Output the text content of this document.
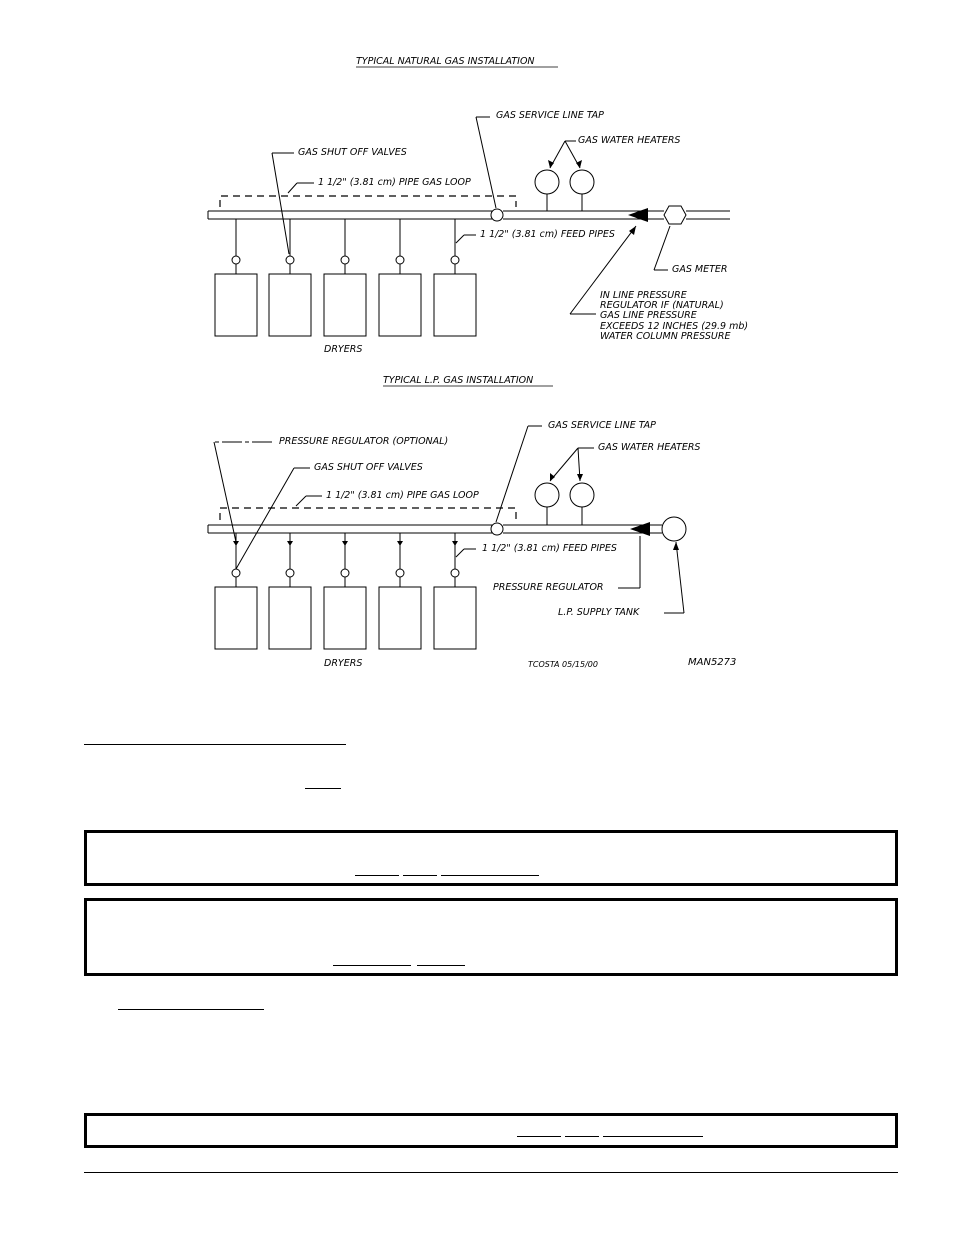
TYPICAL NATURAL GAS INSTALLATION
GAS SERVICE LINE TAP
GAS WATER HEATERS
GAS SHUT OFF VALVES
1 1/2" (3.81 cm) PIPE GAS LOOP
1 1/2" (3.81 cm) FEED PIPES
GAS METER
IN LINE PRESSURE
REGULATOR IF (NATURAL)
GAS LINE PRESSURE
EXCEEDS 12 INCHES (29.9 mb)
WATER COLUMN PRESSURE
DRYERS
TYPICAL L.P. GAS INSTALLATION
GAS SERVICE LINE TAP
GAS WATER HEATERS
PRESSURE REGULATOR (OPTIONAL)
GAS SHUT OFF VALVES
1 1/2" (3.81 cm) PIPE GAS LOOP
1 1/2" (3.81 cm) FEED PIPES
PRESSURE REGULATOR
L.P. SUPPLY TANK
DRYERS	TCOSTA 05/15/00	MAN5273
